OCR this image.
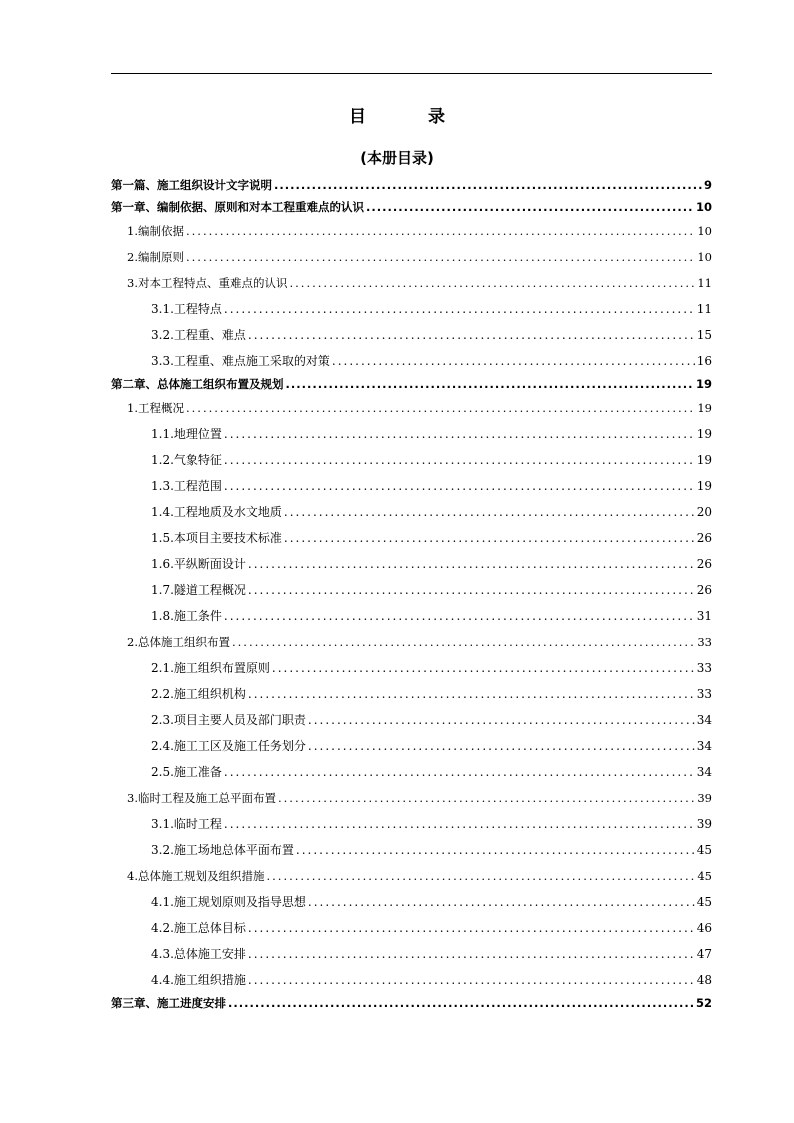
目 录
(本册目录)
第一篇、施工组织设计文字说明 .....	9
第一章、编制依据、原则和对本工程重难点的认识 .....	10
1.编制依据 .....	10
2.编制原则 .....	10
3.对本工程特点、重难点的认识 .....	11
3.1.工程特点 .....	11
3.2.工程重、难点 .....	15
3.3.工程重、难点施工采取的对策 .....	16
第二章、总体施工组织布置及规划 .....	19
1.工程概况 .....	19
1.1.地理位置 .....	19
1.2.气象特征 .....	19
1.3.工程范围 .....	19
1.4.工程地质及水文地质 .....	20
1.5.本项目主要技术标准 .....	26
1.6.平纵断面设计 .....	26
1.7.隧道工程概况 .....	26
1.8.施工条件 .....	31
2.总体施工组织布置 .....	33
2.1.施工组织布置原则 .....	33
2.2.施工组织机构 .....	33
2.3.项目主要人员及部门职责 .....	34
2.4.施工工区及施工任务划分 .....	34
2.5.施工准备 .....	34
3.临时工程及施工总平面布置 .....	39
3.1.临时工程 .....	39
3.2.施工场地总体平面布置 .....	45
4.总体施工规划及组织措施 .....	45
4.1.施工规划原则及指导思想 .....	45
4.2.施工总体目标 .....	46
4.3.总体施工安排 .....	47
4.4.施工组织措施 .....	48
第三章、施工进度安排 .....	52
